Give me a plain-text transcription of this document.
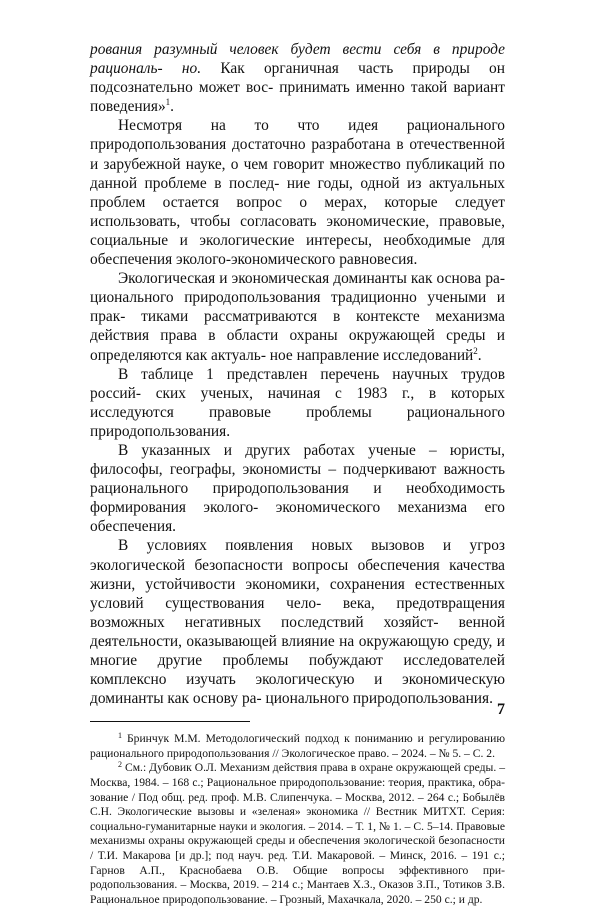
рования разумный человек будет вести себя в природе рациональ- но. Как органичная часть природы он подсознательно может вос- принимать именно такой вариант поведения»$^1$.

Несмотря на то что идея рационального природопользования достаточно разработана в отечественной и зарубежной науке, о чем говорит множество публикаций по данной проблеме в послед- ние годы, одной из актуальных проблем остается вопрос о мерах, которые следует использовать, чтобы согласовать экономические, правовые, социальные и экологические интересы, необходимые для обеспечения эколого-экономического равновесия.

Экологическая и экономическая доминанты как основа ра- ционального природопользования традиционно учеными и прак- тиками рассматриваются в контексте механизма действия права в области охраны окружающей среды и определяются как актуаль- ное направление исследований$^2$.

В таблице 1 представлен перечень научных трудов россий- ских ученых, начиная с 1983 г., в которых исследуются правовые проблемы рационального природопользования.

В указанных и других работах ученые – юристы, философы, географы, экономисты – подчеркивают важность рационального природопользования и необходимость формирования эколого- экономического механизма его обеспечения.

В условиях появления новых вызовов и угроз экологической безопасности вопросы обеспечения качества жизни, устойчивости экономики, сохранения естественных условий существования чело- века, предотвращения возможных негативных последствий хозяйст- венной деятельности, оказывающей влияние на окружающую среду, и многие другие проблемы побуждают исследователей комплексно изучать экологическую и экономическую доминанты как основу ра- ционального природопользования.

$^1$ Бринчук М.М. Методологический подход к пониманию и регулированию рационального природопользования // Экологическое право. – 2024. – № 5. – С. 2.

$^2$ См.: Дубовик О.Л. Механизм действия права в охране окружающей среды. – Москва, 1984. – 168 с.; Рациональное природопользование: теория, практика, обра- зование / Под общ. ред. проф. М.В. Слипенчука. – Москва, 2012. – 264 с.; Бобылёв С.Н. Экологические вызовы и «зеленая» экономика // Вестник МИТХТ. Серия: социально-гуманитарные науки и экология. – 2014. – Т. 1, № 1. – С. 5–14. Правовые механизмы охраны окружающей среды и обеспечения экологической безопасности / Т.И. Макарова [и др.]; под науч. ред. Т.И. Макаровой. – Минск, 2016. – 191 с.; Гарнов А.П., Краснобаева О.В. Общие вопросы эффективного при- родопользования. – Москва, 2019. – 214 с.; Мантаев Х.З., Оказов З.П., Тотиков З.В. Рациональное природопользование. – Грозный, Махачкала, 2020. – 250 с.; и др.

7
